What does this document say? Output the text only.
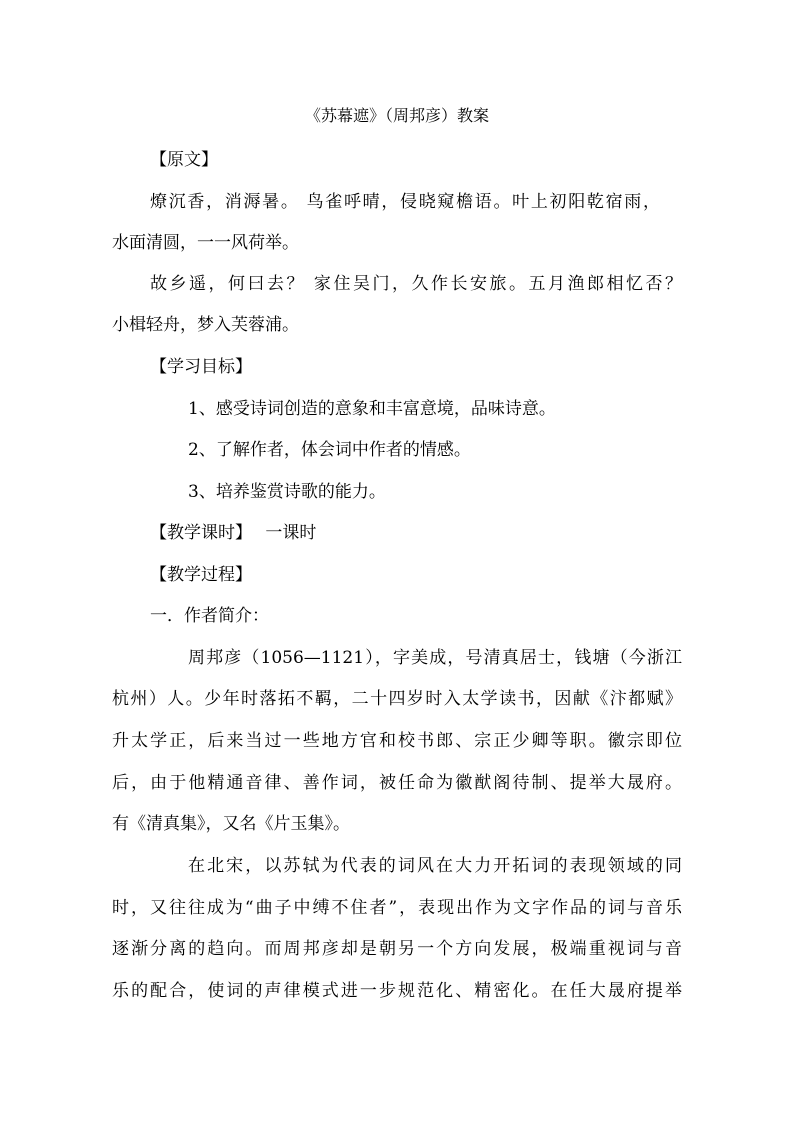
《苏幕遮》（周邦彦）教案
【原文】
燎沉香，消溽暑。 鸟雀呼晴，侵晓窥檐语。叶上初阳乾宿雨，
水面清圆，一一风荷举。
故乡遥，何曰去？ 家住吴门，久作长安旅。五月渔郎相忆否？
小楫轻舟，梦入芙蓉浦。
【学习目标】
1、感受诗词创造的意象和丰富意境，品味诗意。
2、了解作者，体会词中作者的情感。
3、培养鉴赏诗歌的能力。
【教学课时】 一课时
【教学过程】
一．作者简介：
周邦彦（1056—1121），字美成，号清真居士，钱塘（今浙江
杭州）人。少年时落拓不羁，二十四岁时入太学读书，因献《汴都赋》
升太学正，后来当过一些地方官和校书郎、宗正少卿等职。徽宗即位
后，由于他精通音律、善作词，被任命为徽猷阁待制、提举大晟府。
有《清真集》，又名《片玉集》。
在北宋，以苏轼为代表的词风在大力开拓词的表现领域的同
时，又往往成为“曲子中缚不住者”，表现出作为文字作品的词与音乐
逐渐分离的趋向。而周邦彦却是朝另一个方向发展，极端重视词与音
乐的配合，使词的声律模式进一步规范化、精密化。在任大晟府提举
